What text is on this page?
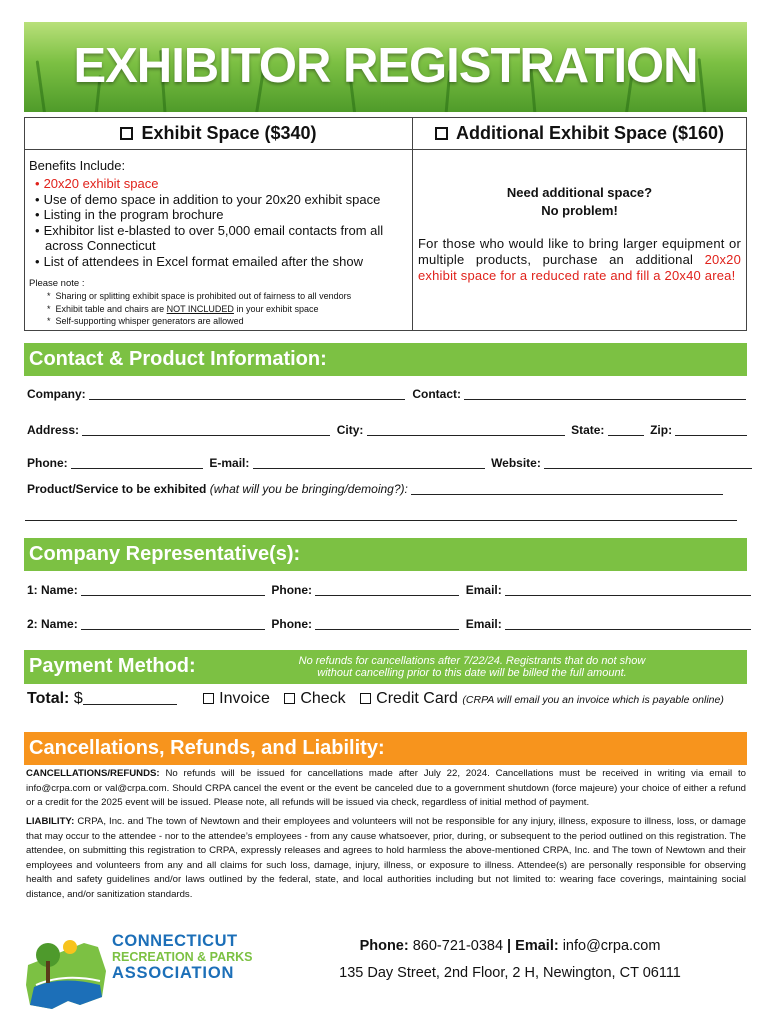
EXHIBITOR REGISTRATION
Exhibit Space ($340)
Benefits Include:
• 20x20 exhibit space
• Use of demo space in addition to your 20x20 exhibit space
• Listing in the program brochure
• Exhibitor list e-blasted to over 5,000 email contacts from all across Connecticut
• List of attendees in Excel format emailed after the show
Please note :
* Sharing or splitting exhibit space is prohibited out of fairness to all vendors
* Exhibit table and chairs are NOT INCLUDED in your exhibit space
* Self-supporting whisper generators are allowed
Additional Exhibit Space ($160)
Need additional space?
No problem!
For those who would like to bring larger equipment or multiple products, purchase an additional 20x20 exhibit space for a reduced rate and fill a 20x40 area!
Contact & Product Information:
Company:	Contact:
Address:	City:	State:	Zip:
Phone:	E-mail:	Website:
Product/Service to be exhibited (what will you be bringing/demoing?):
Company Representative(s):
1: Name:	Phone:	Email:
2: Name:	Phone:	Email:
Payment Method:	No refunds for cancellations after 7/22/24. Registrants that do not show
without cancelling prior to this date will be billed the full amount.
Total: $	Invoice Check Credit Card (CRPA will email you an invoice which is payable online)
Cancellations, Refunds, and Liability:
CANCELLATIONS/REFUNDS: No refunds will be issued for cancellations made after July 22, 2024. Cancellations must be received in writing via email to info@crpa.com or val@crpa.com. Should CRPA cancel the event or the event be canceled due to a government shutdown (force majeure) your choice of either a refund or a credit for the 2025 event will be issued. Please note, all refunds will be issued via check, regardless of initial method of payment.
LIABILITY: CRPA, Inc. and The town of Newtown and their employees and volunteers will not be responsible for any injury, illness, exposure to illness, loss, or damage that may occur to the attendee - nor to the attendee’s employees - from any cause whatsoever, prior, during, or subsequent to the period outlined on this registration. The attendee, on submitting this registration to CRPA, expressly releases and agrees to hold harmless the above-mentioned CRPA, Inc. and The town of Newtown and their employees and volunteers from any and all claims for such loss, damage, injury, illness, or exposure to illness. Attendee(s) are personally responsible for observing health and safety guidelines and/or laws outlined by the federal, state, and local authorities including but not limited to: wearing face coverings, maintaining social distance, and/or sanitization standards.
CONNECTICUT
RECREATION & PARKS
ASSOCIATION
Phone: 860-721-0384 | Email: info@crpa.com
135 Day Street, 2nd Floor, 2 H, Newington, CT 06111
